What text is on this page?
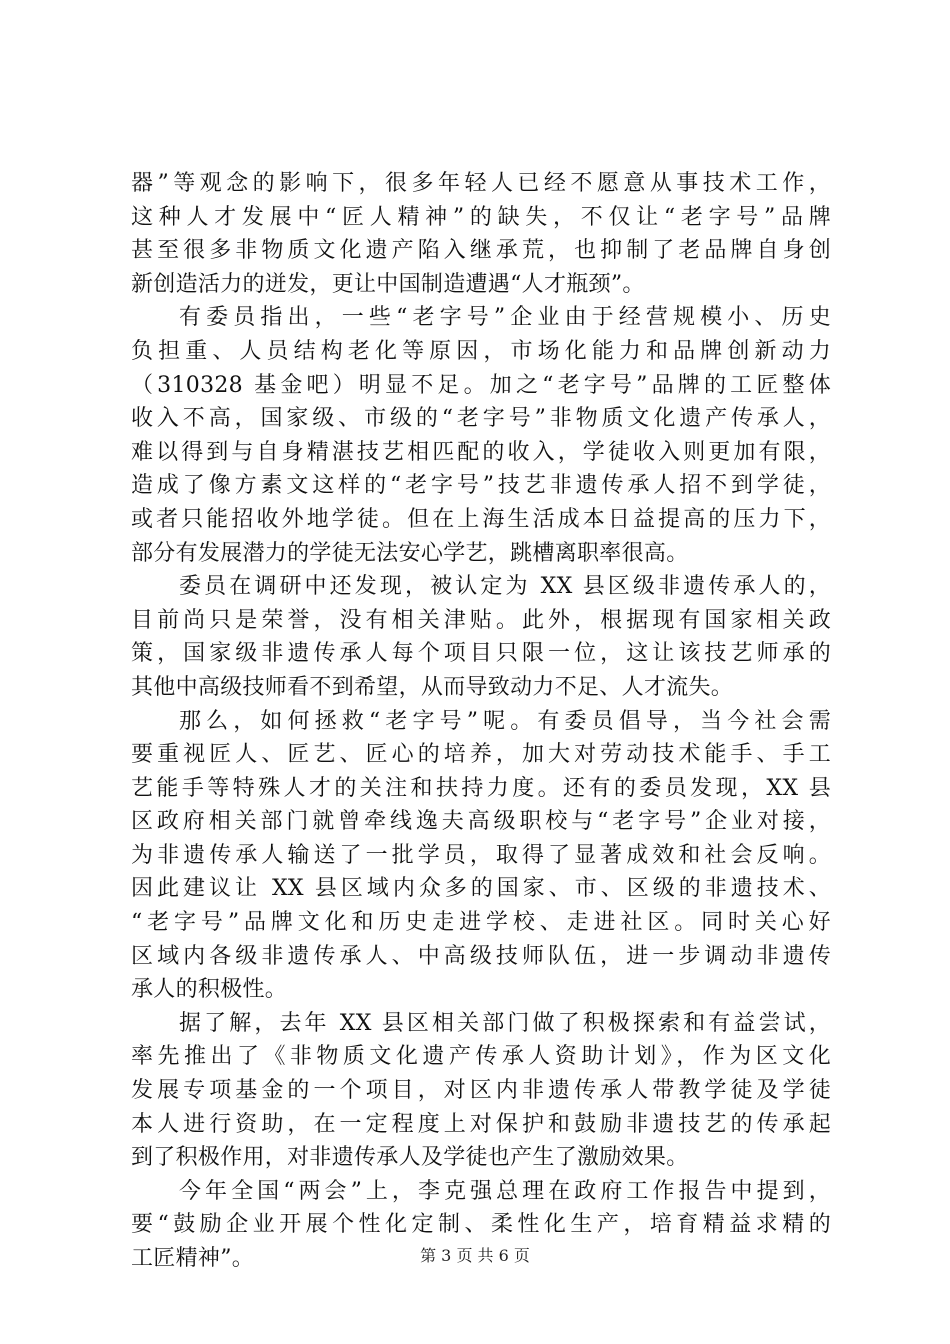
器”等观念的影响下，很多年轻人已经不愿意从事技术工作，
这种人才发展中“匠人精神”的缺失，不仅让“老字号”品牌
甚至很多非物质文化遗产陷入继承荒，也抑制了老品牌自身创
新创造活力的迸发，更让中国制造遭遇“人才瓶颈”。
有委员指出，一些“老字号”企业由于经营规模小、历史
负担重、人员结构老化等原因，市场化能力和品牌创新动力
（310328 基金吧）明显不足。加之“老字号”品牌的工匠整体
收入不高，国家级、市级的“老字号”非物质文化遗产传承人，
难以得到与自身精湛技艺相匹配的收入，学徒收入则更加有限，
造成了像方素文这样的“老字号”技艺非遗传承人招不到学徒，
或者只能招收外地学徒。但在上海生活成本日益提高的压力下，
部分有发展潜力的学徒无法安心学艺，跳槽离职率很高。
委员在调研中还发现，被认定为 XX 县区级非遗传承人的，
目前尚只是荣誉，没有相关津贴。此外，根据现有国家相关政
策，国家级非遗传承人每个项目只限一位，这让该技艺师承的
其他中高级技师看不到希望，从而导致动力不足、人才流失。
那么，如何拯救“老字号”呢。有委员倡导，当今社会需
要重视匠人、匠艺、匠心的培养，加大对劳动技术能手、手工
艺能手等特殊人才的关注和扶持力度。还有的委员发现，XX 县
区政府相关部门就曾牵线逸夫高级职校与“老字号”企业对接，
为非遗传承人输送了一批学员，取得了显著成效和社会反响。
因此建议让 XX 县区域内众多的国家、市、区级的非遗技术、
“老字号”品牌文化和历史走进学校、走进社区。同时关心好
区域内各级非遗传承人、中高级技师队伍，进一步调动非遗传
承人的积极性。
据了解，去年 XX 县区相关部门做了积极探索和有益尝试，
率先推出了《非物质文化遗产传承人资助计划》，作为区文化
发展专项基金的一个项目，对区内非遗传承人带教学徒及学徒
本人进行资助，在一定程度上对保护和鼓励非遗技艺的传承起
到了积极作用，对非遗传承人及学徒也产生了激励效果。
今年全国“两会”上，李克强总理在政府工作报告中提到，
要“鼓励企业开展个性化定制、柔性化生产，培育精益求精的
工匠精神”。	第 3 页 共 6 页
